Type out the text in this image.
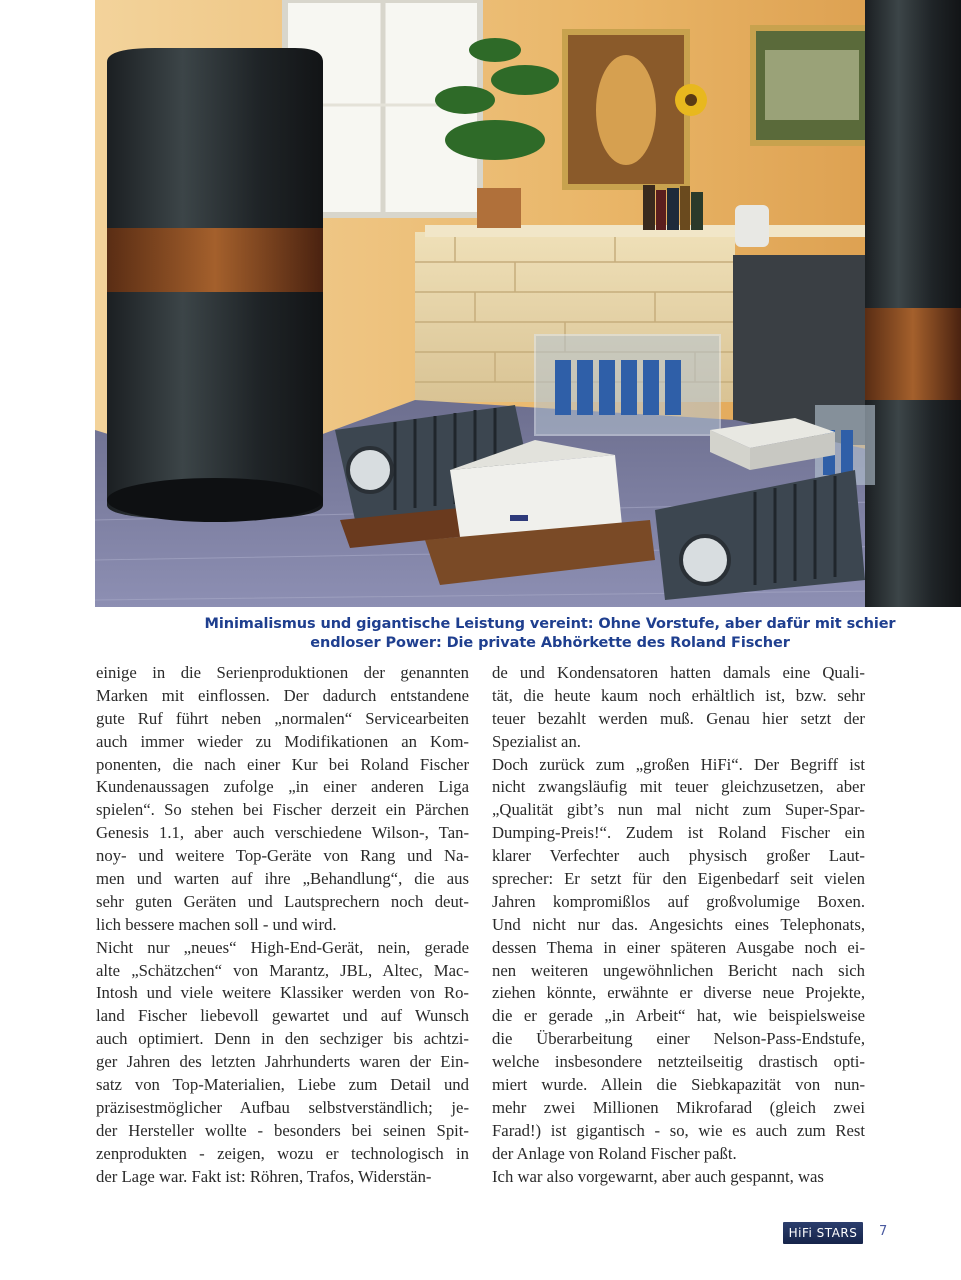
Minimalismus und gigantische Leistung vereint: Ohne Vorstufe, aber dafür mit schier
endloser Power: Die private Abhörkette des Roland Fischer
einige in die Serienproduktionen der genannten
Marken mit einflossen. Der dadurch entstandene
gute Ruf führt neben „normalen“ Servicearbeiten
auch immer wieder zu Modifikationen an Kom-
ponenten, die nach einer Kur bei Roland Fischer
Kundenaussagen zufolge „in einer anderen Liga
spielen“. So stehen bei Fischer derzeit ein Pärchen
Genesis 1.1, aber auch verschiedene Wilson-, Tan-
noy- und weitere Top-Geräte von Rang und Na-
men und warten auf ihre „Behandlung“, die aus
sehr guten Geräten und Lautsprechern noch deut-
lich bessere machen soll - und wird.
Nicht nur „neues“ High-End-Gerät, nein, gerade
alte „Schätzchen“ von Marantz, JBL, Altec, Mac-
Intosh und viele weitere Klassiker werden von Ro-
land Fischer liebevoll gewartet und auf Wunsch
auch optimiert. Denn in den sechziger bis achtzi-
ger Jahren des letzten Jahrhunderts waren der Ein-
satz von Top-Materialien, Liebe zum Detail und
präzisestmöglicher Aufbau selbstverständlich; je-
der Hersteller wollte - besonders bei seinen Spit-
zenprodukten - zeigen, wozu er technologisch in
der Lage war. Fakt ist: Röhren, Trafos, Widerstän-
de und Kondensatoren hatten damals eine Quali-
tät, die heute kaum noch erhältlich ist, bzw. sehr
teuer bezahlt werden muß. Genau hier setzt der
Spezialist an.
Doch zurück zum „großen HiFi“. Der Begriff ist
nicht zwangsläufig mit teuer gleichzusetzen, aber
„Qualität gibt’s nun mal nicht zum Super-Spar-
Dumping-Preis!“. Zudem ist Roland Fischer ein
klarer Verfechter auch physisch großer Laut-
sprecher: Er setzt für den Eigenbedarf seit vielen
Jahren kompromißlos auf großvolumige Boxen.
Und nicht nur das. Angesichts eines Telephonats,
dessen Thema in einer späteren Ausgabe noch ei-
nen weiteren ungewöhnlichen Bericht nach sich
ziehen könnte, erwähnte er diverse neue Projekte,
die er gerade „in Arbeit“ hat, wie beispielsweise
die Überarbeitung einer Nelson-Pass-Endstufe,
welche insbesondere netzteilseitig drastisch opti-
miert wurde. Allein die Siebkapazität von nun-
mehr zwei Millionen Mikrofarad (gleich zwei
Farad!) ist gigantisch - so, wie es auch zum Rest
der Anlage von Roland Fischer paßt.
Ich war also vorgewarnt, aber auch gespannt, was
HiFi STARS	7
